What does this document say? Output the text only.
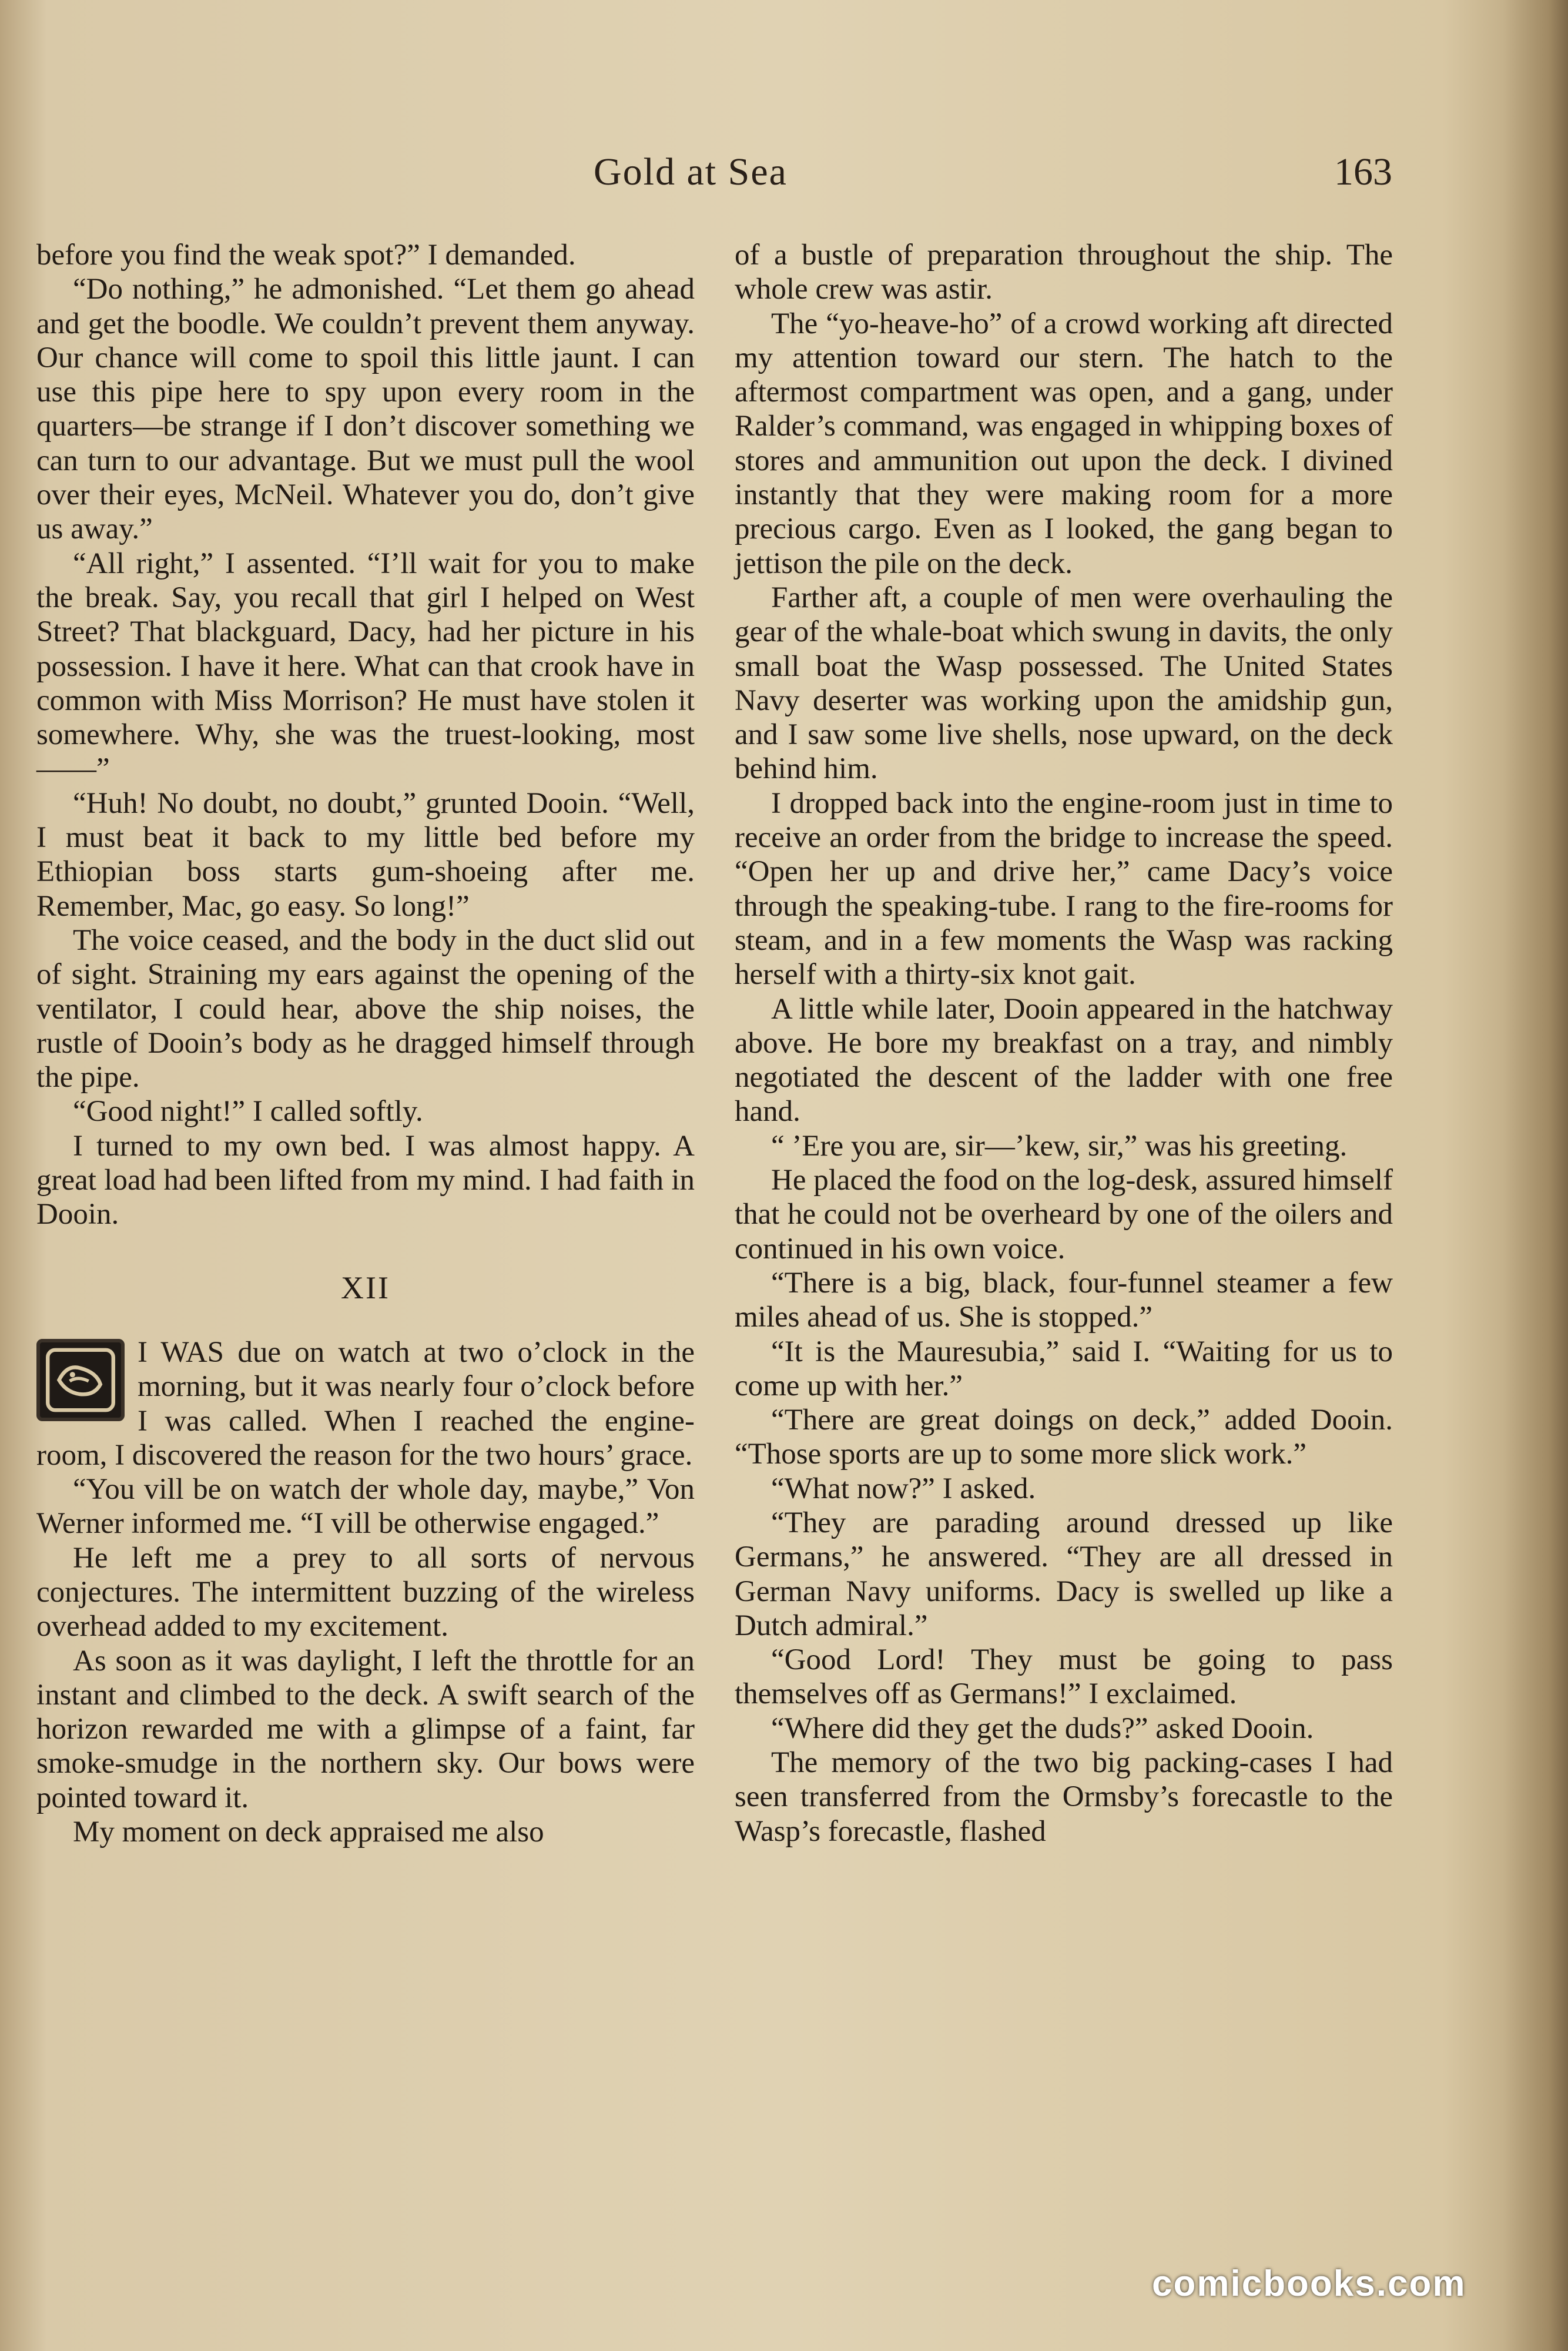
Gold at Sea	163

before you find the weak spot?” I demanded.

“Do nothing,” he admonished. “Let them go ahead and get the boodle. We couldn’t prevent them anyway. Our chance will come to spoil this little jaunt. I can use this pipe here to spy upon every room in the quarters—be strange if I don’t discover something we can turn to our advantage. But we must pull the wool over their eyes, McNeil. Whatever you do, don’t give us away.”

“All right,” I assented. “I’ll wait for you to make the break. Say, you recall that girl I helped on West Street? That blackguard, Dacy, had her picture in his possession. I have it here. What can that crook have in common with Miss Morrison? He must have stolen it somewhere. Why, she was the truest-looking, most——”

“Huh! No doubt, no doubt,” grunted Dooin. “Well, I must beat it back to my little bed before my Ethiopian boss starts gum-shoeing after me. Remember, Mac, go easy. So long!”

The voice ceased, and the body in the duct slid out of sight. Straining my ears against the opening of the ventilator, I could hear, above the ship noises, the rustle of Dooin’s body as he dragged himself through the pipe.

“Good night!” I called softly.

I turned to my own bed. I was almost happy. A great load had been lifted from my mind. I had faith in Dooin.

XII

I WAS due on watch at two o’clock in the morning, but it was nearly four o’clock before I was called. When I reached the engine-room, I discovered the reason for the two hours’ grace.

“You vill be on watch der whole day, maybe,” Von Werner informed me. “I vill be otherwise engaged.”

He left me a prey to all sorts of nervous conjectures. The intermittent buzzing of the wireless overhead added to my excitement.

As soon as it was daylight, I left the throttle for an instant and climbed to the deck. A swift search of the horizon rewarded me with a glimpse of a faint, far smoke-smudge in the northern sky. Our bows were pointed toward it.

My moment on deck appraised me also

of a bustle of preparation throughout the ship. The whole crew was astir.

The “yo-heave-ho” of a crowd working aft directed my attention toward our stern. The hatch to the aftermost compartment was open, and a gang, under Ralder’s command, was engaged in whipping boxes of stores and ammunition out upon the deck. I divined instantly that they were making room for a more precious cargo. Even as I looked, the gang began to jettison the pile on the deck.

Farther aft, a couple of men were overhauling the gear of the whale-boat which swung in davits, the only small boat the Wasp possessed. The United States Navy deserter was working upon the amidship gun, and I saw some live shells, nose upward, on the deck behind him.

I dropped back into the engine-room just in time to receive an order from the bridge to increase the speed. “Open her up and drive her,” came Dacy’s voice through the speaking-tube. I rang to the fire-rooms for steam, and in a few moments the Wasp was racking herself with a thirty-six knot gait.

A little while later, Dooin appeared in the hatchway above. He bore my breakfast on a tray, and nimbly negotiated the descent of the ladder with one free hand.

“ ’Ere you are, sir—’kew, sir,” was his greeting.

He placed the food on the log-desk, assured himself that he could not be overheard by one of the oilers and continued in his own voice.

“There is a big, black, four-funnel steamer a few miles ahead of us. She is stopped.”

“It is the Mauresubia,” said I. “Waiting for us to come up with her.”

“There are great doings on deck,” added Dooin. “Those sports are up to some more slick work.”

“What now?” I asked.

“They are parading around dressed up like Germans,” he answered. “They are all dressed in German Navy uniforms. Dacy is swelled up like a Dutch admiral.”

“Good Lord! They must be going to pass themselves off as Germans!” I exclaimed.

“Where did they get the duds?” asked Dooin.

The memory of the two big packing-cases I had seen transferred from the Ormsby’s forecastle to the Wasp’s forecastle, flashed

comicbooks.com
